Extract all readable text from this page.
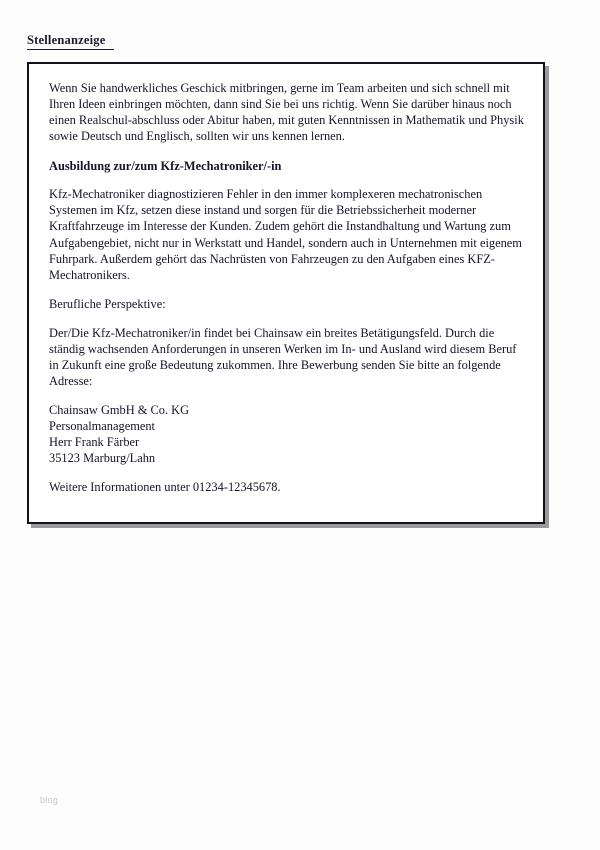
Stellenanzeige

Wenn Sie handwerkliches Geschick mitbringen, gerne im Team arbeiten und sich schnell mit Ihren Ideen einbringen möchten, dann sind Sie bei uns richtig. Wenn Sie darüber hinaus noch einen Realschul-abschluss oder Abitur haben, mit guten Kenntnissen in Mathematik und Physik sowie Deutsch und Englisch, sollten wir uns kennen lernen.

Ausbildung zur/zum Kfz-Mechatroniker/-in

Kfz-Mechatroniker diagnostizieren Fehler in den immer komplexeren mechatronischen Systemen im Kfz, setzen diese instand und sorgen für die Betriebssicherheit moderner Kraftfahrzeuge im Interesse der Kunden. Zudem gehört die Instandhaltung und Wartung zum Aufgabengebiet, nicht nur in Werkstatt und Handel, sondern auch in Unternehmen mit eigenem Fuhrpark. Außerdem gehört das Nachrüsten von Fahrzeugen zu den Aufgaben eines KFZ-Mechatronikers.

Berufliche Perspektive:

Der/Die Kfz-Mechatroniker/in findet bei Chainsaw ein breites Betätigungsfeld. Durch die ständig wachsenden Anforderungen in unseren Werken im In- und Ausland wird diesem Beruf in Zukunft eine große Bedeutung zukommen. Ihre Bewerbung senden Sie bitte an folgende Adresse:

Chainsaw GmbH & Co. KG
Personalmanagement
Herr Frank Färber
35123 Marburg/Lahn

Weitere Informationen unter 01234-12345678.

blog
